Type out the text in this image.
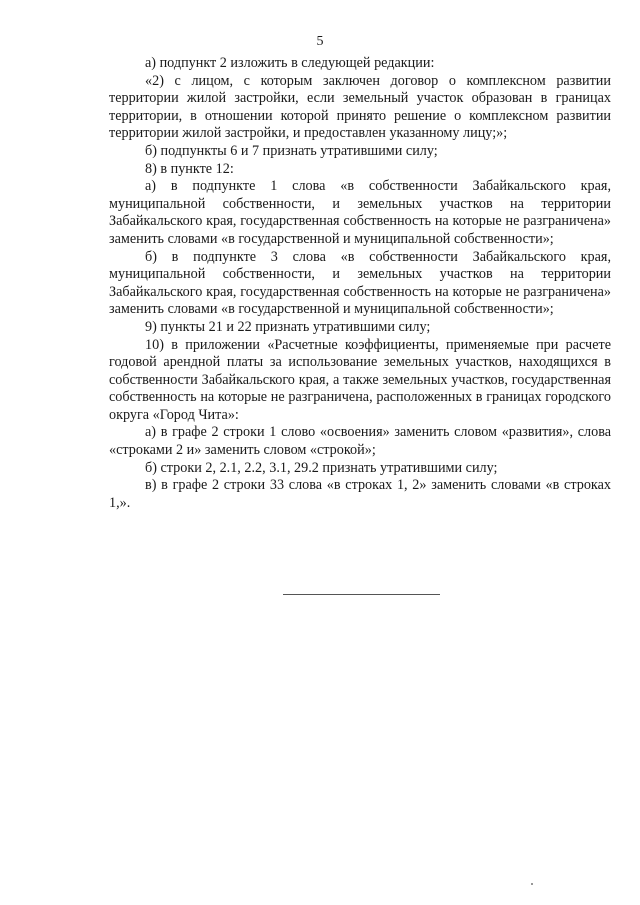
5

а) подпункт 2 изложить в следующей редакции:

«2) с лицом, с которым заключен договор о комплексном развитии территории жилой застройки, если земельный участок образован в границах территории, в отношении которой принято решение о комплексном развитии территории жилой застройки, и предоставлен указанному лицу;»;

б) подпункты 6 и 7 признать утратившими силу;

8) в пункте 12:

а) в подпункте 1 слова «в собственности Забайкальского края, муниципальной собственности, и земельных участков на территории Забайкальского края, государственная собственность на которые не разграничена» заменить словами «в государственной и муниципальной собственности»;

б) в подпункте 3 слова «в собственности Забайкальского края, муниципальной собственности, и земельных участков на территории Забайкальского края, государственная собственность на которые не разграничена» заменить словами «в государственной и муниципальной собственности»;

9) пункты 21 и 22 признать утратившими силу;

10) в приложении «Расчетные коэффициенты, применяемые при расчете годовой арендной платы за использование земельных участков, находящихся в собственности Забайкальского края, а также земельных участков, государственная собственность на которые не разграничена, расположенных в границах городского округа «Город Чита»:

а) в графе 2 строки 1 слово «освоения» заменить словом «развития», слова «строками 2 и» заменить словом «строкой»;

б) строки 2, 2.1, 2.2, 3.1, 29.2 признать утратившими силу;

в) в графе 2 строки 33 слова «в строках 1, 2» заменить словами «в строках 1,».
